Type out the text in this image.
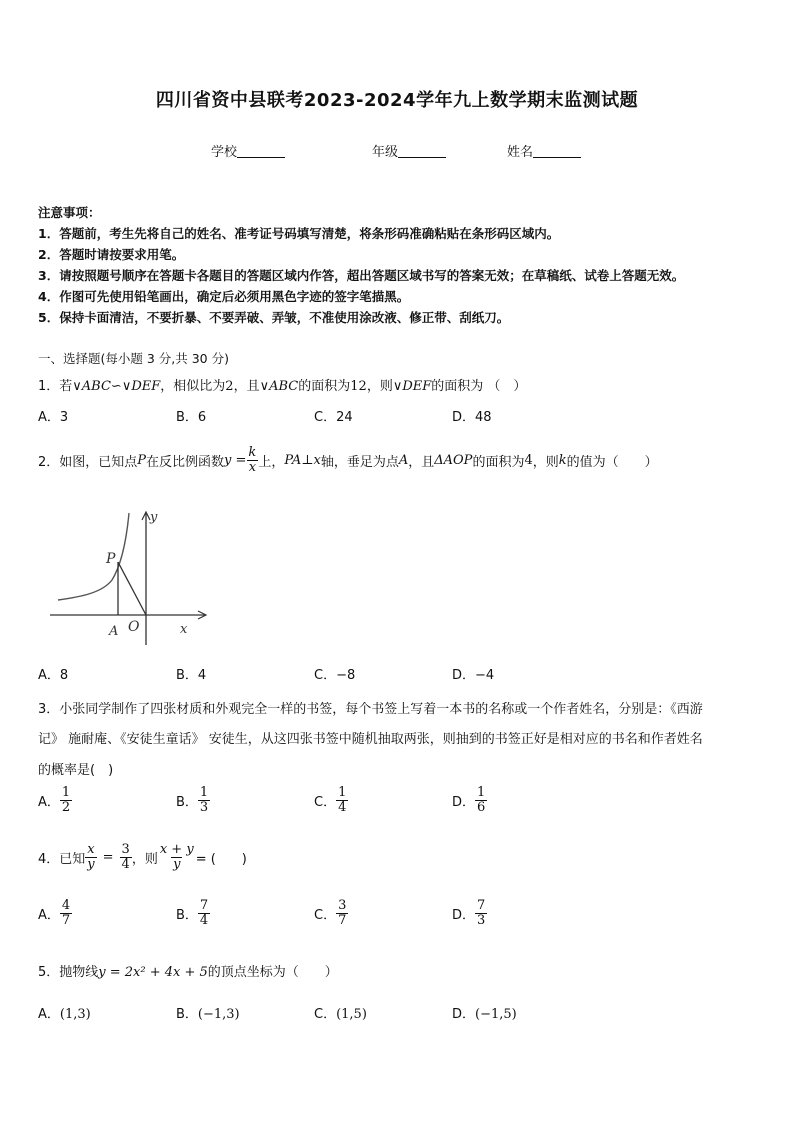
四川省资中县联考2023-2024学年九上数学期末监测试题
学校	年级	姓名
注意事项：
1．答题前，考生先将自己的姓名、准考证号码填写清楚，将条形码准确粘贴在条形码区域内。
2．答题时请按要求用笔。
3．请按照题号顺序在答题卡各题目的答题区域内作答，超出答题区域书写的答案无效；在草稿纸、试卷上答题无效。
4．作图可先使用铅笔画出，确定后必须用黑色字迹的签字笔描黑。
5．保持卡面清洁，不要折暴、不要弄破、弄皱，不准使用涂改液、修正带、刮纸刀。
一、选择题(每小题 3 分,共 30 分)
1．若∨ABC∽∨DEF，相似比为2，且∨ABC的面积为12，则∨DEF的面积为 （　）
A．3	B．6	C．24	D．48
2．如图，已知点 P 在反比例函数 $y = \frac{k}{x}$ 上， PA⊥x 轴，垂足为点 A ，且 ΔAOP 的面积为 4 ，则 k 的值为（　　）
y
x
P
A O
A．8	B．4	C．−8	D．−4
3．小张同学制作了四张材质和外观完全一样的书签，每个书签上写着一本书的名称或一个作者姓名，分别是：《西游
记》 施耐庵、《安徒生童话》 安徒生，从这四张书签中随机抽取两张，则抽到的书签正好是相对应的书名和作者姓名
的概率是(　)
A． $\frac{1}{2}$	B． $\frac{1}{3}$	C． $\frac{1}{4}$	D． $\frac{1}{6}$
4．已知 $\frac{x}{y} = \frac{3}{4}$ ，则 $\frac{x + y}{y}$ = (　　)
A． $\frac{4}{7}$	B． $\frac{7}{4}$	C． $\frac{3}{7}$	D． $\frac{7}{3}$
5．抛物线y = 2x² + 4x + 5的顶点坐标为（　　）
A．(1,3)	B．(−1,3)	C．(1,5)	D．(−1,5)
